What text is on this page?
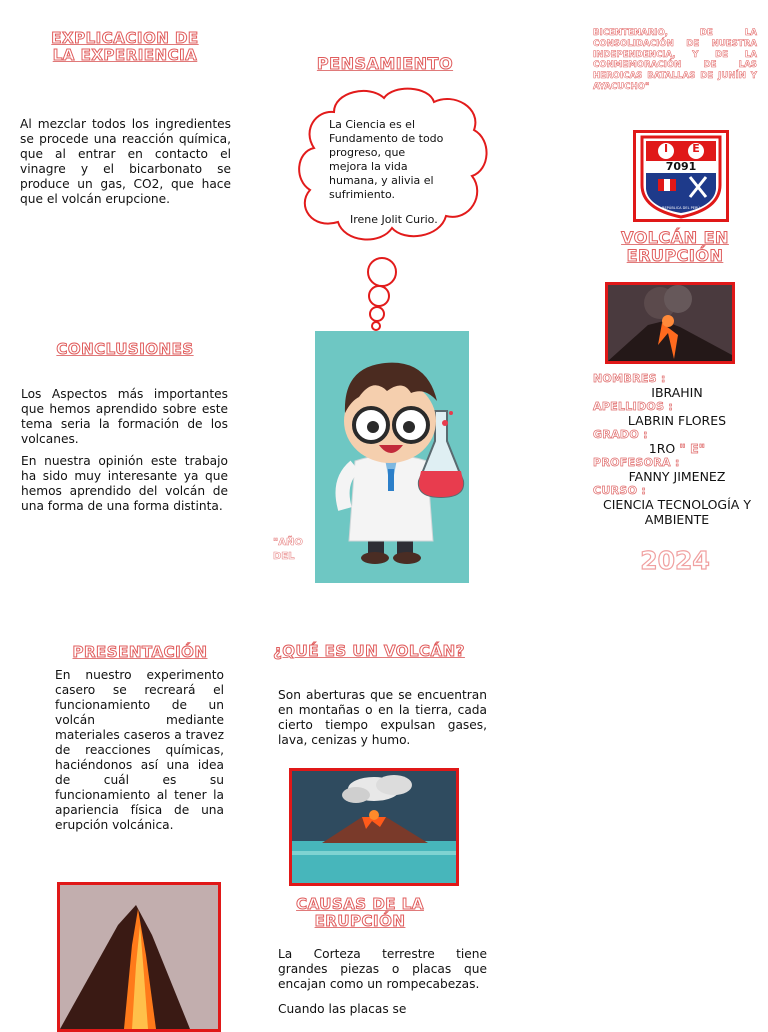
EXPLICACION DE LA EXPERIENCIA
Al mezclar todos los ingredientes se procede una reacción química, que al entrar en contacto el vinagre y el bicarbonato se produce un gas, CO2, que hace que el volcán erupcione.
CONCLUSIONES

Los Aspectos más importantes que hemos aprendido sobre este tema seria la formación de los volcanes.

En nuestra opinión este trabajo ha sido muy interesante ya que hemos aprendido del volcán de una forma de una forma distinta.

PENSAMIENTO
La Ciencia es el Fundamento de todo progreso, que mejora la vida humana, y alivia el sufrimiento.
Irene Jolit Curio.
"AÑO
DEL
BICENTENARIO, DE LA CONSOLIDACIÓN DE NUESTRA INDEPENDENCIA, Y DE LA CONMEMORACIÓN DE LAS HEROICAS BATALLAS DE JUNÍN Y AYACUCHO"
I	E
7091
REPÚBLICA DEL PERÚ
VOLCÁN EN ERUPCIÓN
NOMBRES :
IBRAHIN
APELLIDOS :
LABRIN FLORES
GRADO :
1RO " E"
PROFESORA :
FANNY JIMENEZ
CURSO :
CIENCIA TECNOLOGÍA Y AMBIENTE
2024
PRESENTACIÓN
En nuestro experimento casero se recreará el funcionamiento de un volcán mediante materiales caseros a travez de reacciones químicas, haciéndonos así una idea de cuál es su funcionamiento al tener la apariencia física de una erupción volcánica.
¿QUÉ ES UN VOLCÁN?
Son aberturas que se encuentran en montañas o en la tierra, cada cierto tiempo expulsan gases, lava, cenizas y humo.
CAUSAS DE LA ERUPCIÓN

La Corteza terrestre tiene grandes piezas o placas que encajan como un rompecabezas.

Cuando las placas se
